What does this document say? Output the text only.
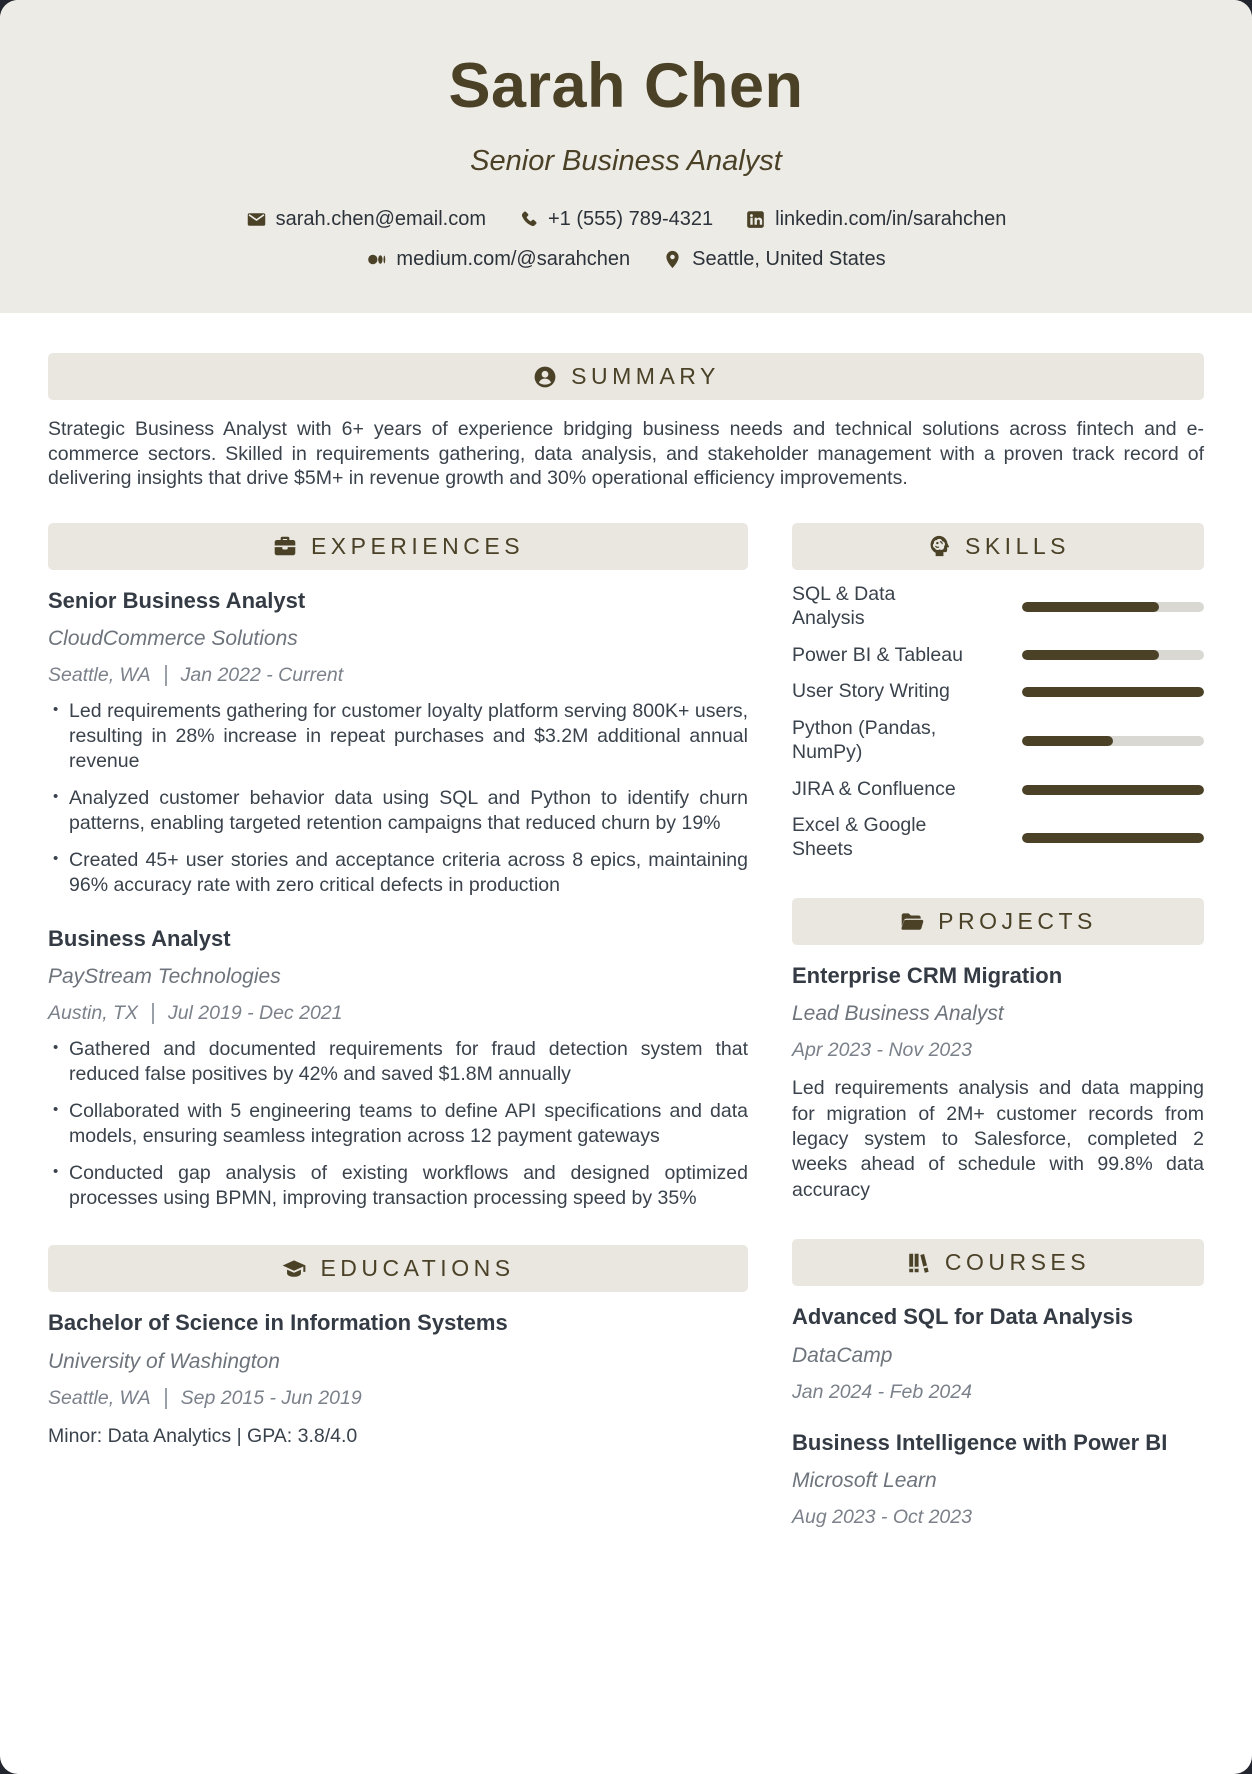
Sarah Chen
Senior Business Analyst
sarah.chen@email.com	+1 (555) 789-4321	linkedin.com/in/sarahchen
medium.com/@sarahchen	Seattle, United States
SUMMARY

Strategic Business Analyst with 6+ years of experience bridging business needs and technical solutions across fintech and e-commerce sectors. Skilled in requirements gathering, data analysis, and stakeholder management with a proven track record of delivering insights that drive $5M+ in revenue growth and 30% operational efficiency improvements.

EXPERIENCES
Senior Business Analyst
CloudCommerce Solutions
Seattle, WA Jan 2022 - Current
• Led requirements gathering for customer loyalty platform serving 800K+ users, resulting in 28% increase in repeat purchases and $3.2M additional annual revenue
• Analyzed customer behavior data using SQL and Python to identify churn patterns, enabling targeted retention campaigns that reduced churn by 19%
• Created 45+ user stories and acceptance criteria across 8 epics, maintaining 96% accuracy rate with zero critical defects in production
Business Analyst
PayStream Technologies
Austin, TX Jul 2019 - Dec 2021
• Gathered and documented requirements for fraud detection system that reduced false positives by 42% and saved $1.8M annually
• Collaborated with 5 engineering teams to define API specifications and data models, ensuring seamless integration across 12 payment gateways
• Conducted gap analysis of existing workflows and designed optimized processes using BPMN, improving transaction processing speed by 35%
EDUCATIONS
Bachelor of Science in Information Systems
University of Washington
Seattle, WA Sep 2015 - Jun 2019
Minor: Data Analytics | GPA: 3.8/4.0
SKILLS
SQL & Data Analysis
Power BI & Tableau
User Story Writing
Python (Pandas, NumPy)
JIRA & Confluence
Excel & Google Sheets
PROJECTS
Enterprise CRM Migration
Lead Business Analyst
Apr 2023 - Nov 2023

Led requirements analysis and data mapping for migration of 2M+ customer records from legacy system to Salesforce, completed 2 weeks ahead of schedule with 99.8% data accuracy

COURSES
Advanced SQL for Data Analysis
DataCamp
Jan 2024 - Feb 2024
Business Intelligence with Power BI
Microsoft Learn
Aug 2023 - Oct 2023
